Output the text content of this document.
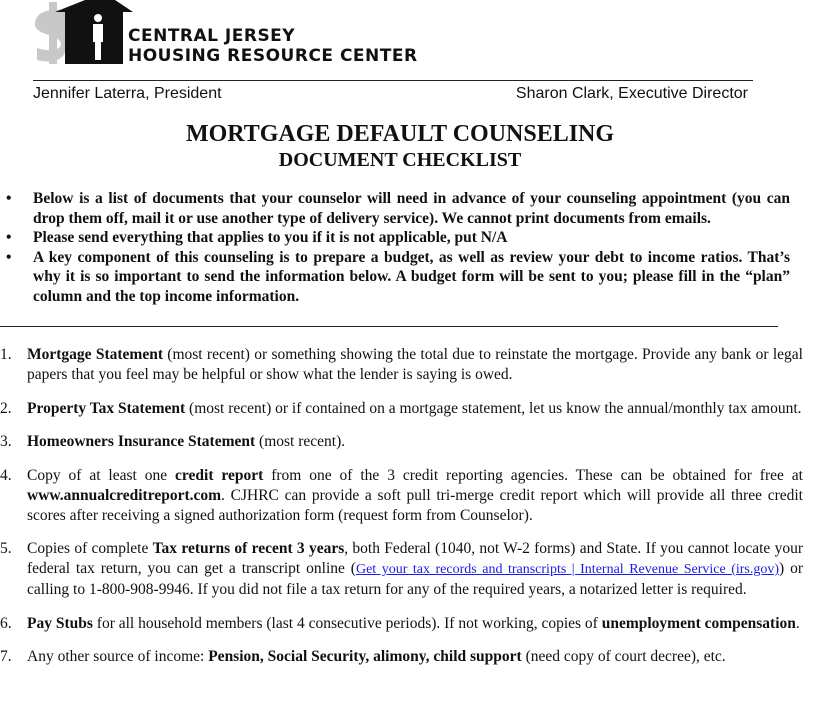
CENTRAL JERSEY
HOUSING RESOURCE CENTER
Jennifer Laterra, President	Sharon Clark, Executive Director
MORTGAGE DEFAULT COUNSELING
DOCUMENT CHECKLIST
• Below is a list of documents that your counselor will need in advance of your counseling appointment (you can drop them off, mail it or use another type of delivery service). We cannot print documents from emails.
• Please send everything that applies to you if it is not applicable, put N/A
• A key component of this counseling is to prepare a budget, as well as review your debt to income ratios. That’s why it is so important to send the information below. A budget form will be sent to you; please fill in the “plan” column and the top income information.
1. Mortgage Statement (most recent) or something showing the total due to reinstate the mortgage. Provide any bank or legal papers that you feel may be helpful or show what the lender is saying is owed.
2. Property Tax Statement (most recent) or if contained on a mortgage statement, let us know the annual/monthly tax amount.
3. Homeowners Insurance Statement (most recent).
4. Copy of at least one credit report from one of the 3 credit reporting agencies. These can be obtained for free at www.annualcreditreport.com. CJHRC can provide a soft pull tri-merge credit report which will provide all three credit scores after receiving a signed authorization form (request form from Counselor).
5. Copies of complete Tax returns of recent 3 years, both Federal (1040, not W-2 forms) and State. If you cannot locate your federal tax return, you can get a transcript online (Get your tax records and transcripts | Internal Revenue Service (irs.gov)) or calling to 1-800-908-9946. If you did not file a tax return for any of the required years, a notarized letter is required.
6. Pay Stubs for all household members (last 4 consecutive periods). If not working, copies of unemployment compensation.
7. Any other source of income: Pension, Social Security, alimony, child support (need copy of court decree), etc.
